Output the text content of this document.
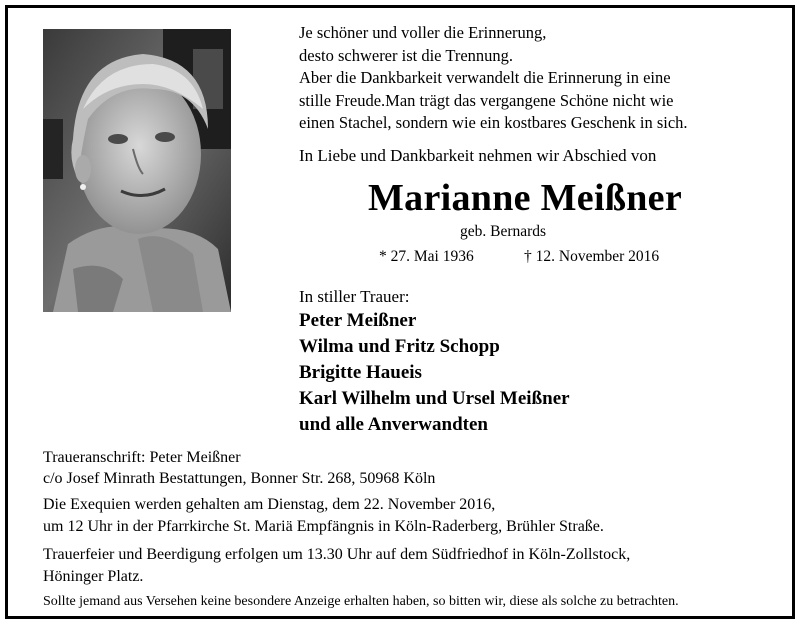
Je schöner und voller die Erinnerung,
desto schwerer ist die Trennung.
Aber die Dankbarkeit verwandelt die Erinnerung in eine
stille Freude.Man trägt das vergangene Schöne nicht wie
einen Stachel, sondern wie ein kostbares Geschenk in sich.
In Liebe und Dankbarkeit nehmen wir Abschied von
Marianne Meißner
geb. Bernards
* 27. Mai 1936	† 12. November 2016
In stiller Trauer:
Peter Meißner
Wilma und Fritz Schopp
Brigitte Haueis
Karl Wilhelm und Ursel Meißner
und alle Anverwandten
Traueranschrift: Peter Meißner
c/o Josef Minrath Bestattungen, Bonner Str. 268, 50968 Köln
Die Exequien werden gehalten am Dienstag, dem 22. November 2016,
um 12 Uhr in der Pfarrkirche St. Mariä Empfängnis in Köln-Raderberg, Brühler Straße.
Trauerfeier und Beerdigung erfolgen um 13.30 Uhr auf dem Südfriedhof in Köln-Zollstock,
Höninger Platz.
Sollte jemand aus Versehen keine besondere Anzeige erhalten haben, so bitten wir, diese als solche zu betrachten.
